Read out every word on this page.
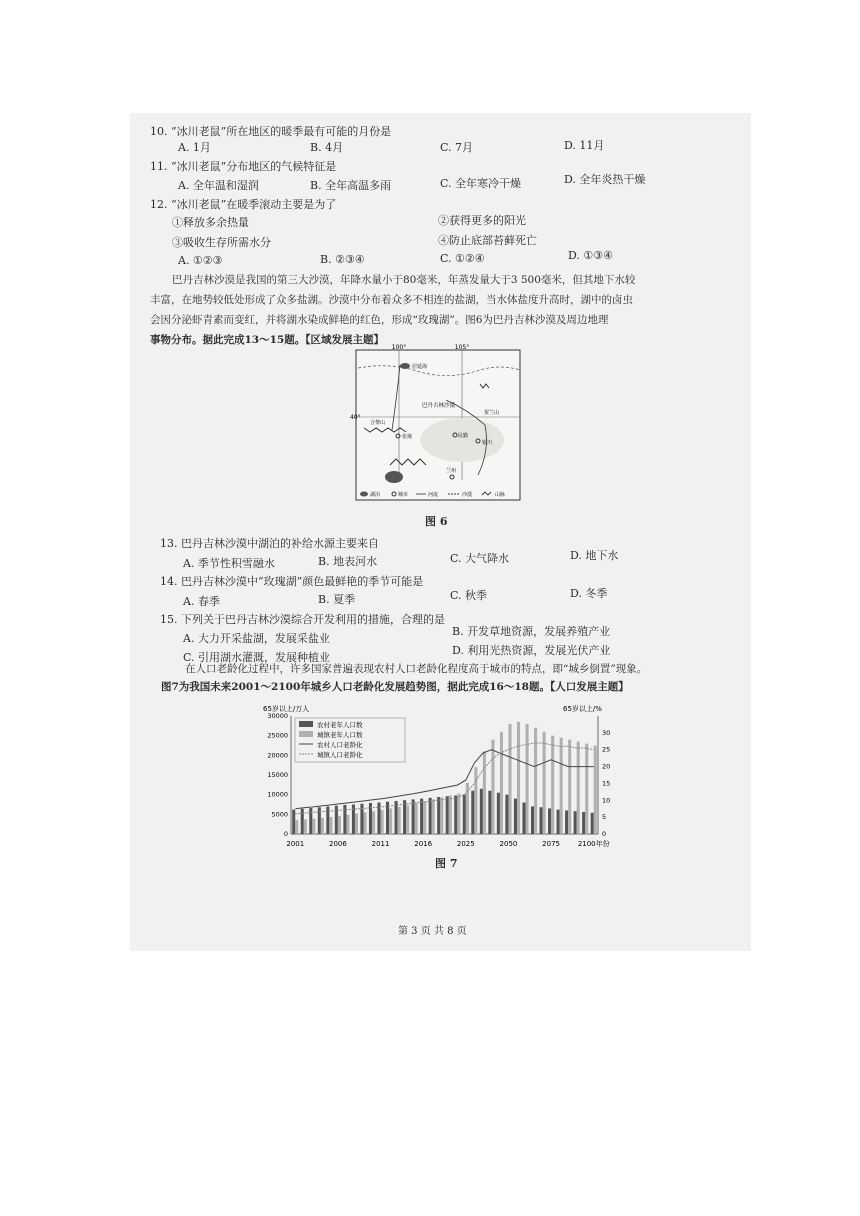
10. “冰川老鼠”所在地区的暖季最有可能的月份是
A. 1月	B. 4月	C. 7月	D. 11月
11. “冰川老鼠”分布地区的气候特征是
A. 全年温和湿润	B. 全年高温多雨	C. 全年寒冷干燥	D. 全年炎热干燥
12. “冰川老鼠”在暖季滚动主要是为了
①释放多余热量	②获得更多的阳光
③吸收生存所需水分	④防止底部苔藓死亡
A. ①②③	B. ②③④	C. ①②④	D. ①③④
巴丹吉林沙漠是我国的第三大沙漠，年降水量小于80毫米，年蒸发量大于3 500毫米，但其地下水较
丰富，在地势较低处形成了众多盐湖。沙漠中分布着众多不相连的盐湖，当水体盐度升高时，湖中的卤虫
会因分泌虾青素而变红，并将湖水染成鲜艳的红色，形成“玫瑰湖”。图6为巴丹吉林沙漠及周边地理
事物分布。据此完成13～15题。【区域发展主题】
100°	105°
40°
居延海
巴丹吉林沙漠
张掖	民勤
银川
兰州
合黎山
贺兰山
湖泊	城市	河流	沙漠	山脉
图 6
13. 巴丹吉林沙漠中湖泊的补给水源主要来自
A. 季节性积雪融水	B. 地表河水	C. 大气降水	D. 地下水
14. 巴丹吉林沙漠中“玫瑰湖”颜色最鲜艳的季节可能是
A. 春季	B. 夏季	C. 秋季	D. 冬季
15. 下列关于巴丹吉林沙漠综合开发利用的措施，合理的是
A. 大力开采盐湖，发展采盐业
B. 开发草地资源，发展养殖产业
C. 引用湖水灌溉，发展种植业
D. 利用光热资源，发展光伏产业
在人口老龄化过程中，许多国家普遍表现农村人口老龄化程度高于城市的特点，即“城乡倒置”现象。
图7为我国未来2001～2100年城乡人口老龄化发展趋势图，据此完成16～18题。【人口发展主题】
65岁以上/万人	65岁以上/%
0
5000
10000
15000
20000
25000
30000
0
5
10
15
20
25
30
2001	2006	2011	2016	2025	2050	2075	2100年份
农村老年人口数
城镇老年人口数
农村人口老龄化
城镇人口老龄化
图 7
第 3 页 共 8 页
